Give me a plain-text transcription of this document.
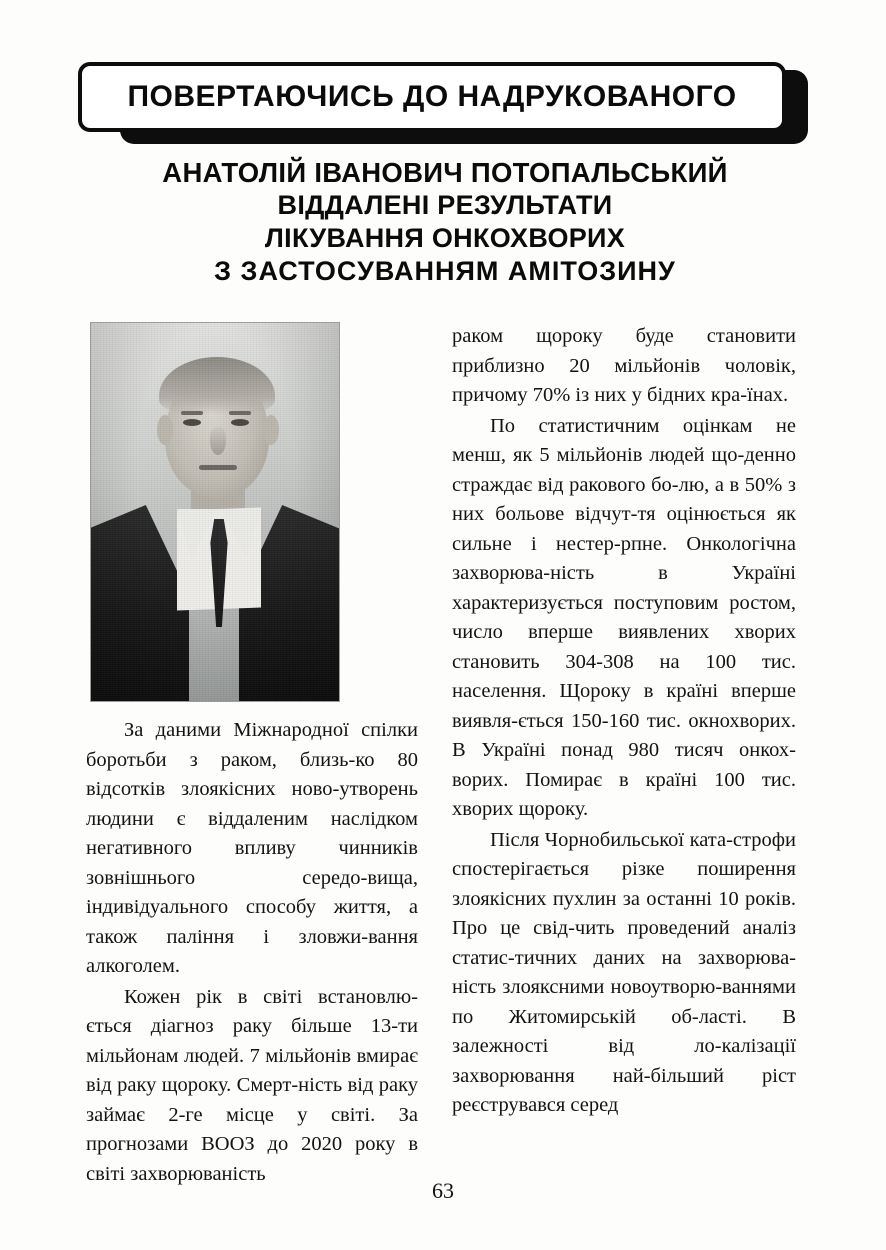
ПОВЕРТАЮЧИСЬ ДО НАДРУКОВАНОГО
АНАТОЛІЙ ІВАНОВИЧ ПОТОПАЛЬСЬКИЙ
ВІДДАЛЕНІ РЕЗУЛЬТАТИ
ЛІКУВАННЯ ОНКОХВОРИХ
З ЗАСТОСУВАННЯМ АМІТОЗИНУ

За даними Міжнародної спілки боротьби з раком, близь-ко 80 відсотків злоякісних ново-утворень людини є віддаленим наслідком негативного впливу чинників зовнішнього середо-вища, індивідуального способу життя, а також паління і зловжи-вання алкоголем.

Кожен рік в світі встановлю-ється діагноз раку більше 13-ти мільйонам людей. 7 мільйонів вмирає від раку щороку. Смерт-ність від раку займає 2-ге місце у світі. За прогнозами ВООЗ до 2020 року в світі захворюваність

раком щороку буде становити приблизно 20 мільйонів чоловік, причому 70% із них у бідних кра-їнах.

По статистичним оцінкам не менш, як 5 мільйонів людей що-денно страждає від ракового бо-лю, а в 50% з них больове відчут-тя оцінюється як сильне і нестер-рпне. Онкологічна захворюва-ність в Україні характеризується поступовим ростом, число вперше виявлених хворих становить 304-308 на 100 тис. населення. Щороку в країні вперше виявля-ється 150-160 тис. окнохворих. В Україні понад 980 тисяч онкох-ворих. Помирає в країні 100 тис. хворих щороку.

Після Чорнобильської ката-строфи спостерігається різке поширення злоякісних пухлин за останні 10 років. Про це свід-чить проведений аналіз статис-тичних даних на захворюва-ність злояксними новоутворю-ваннями по Житомирській об-ласті. В залежності від ло-калізації захворювання най-більший ріст реєструвався серед

63
